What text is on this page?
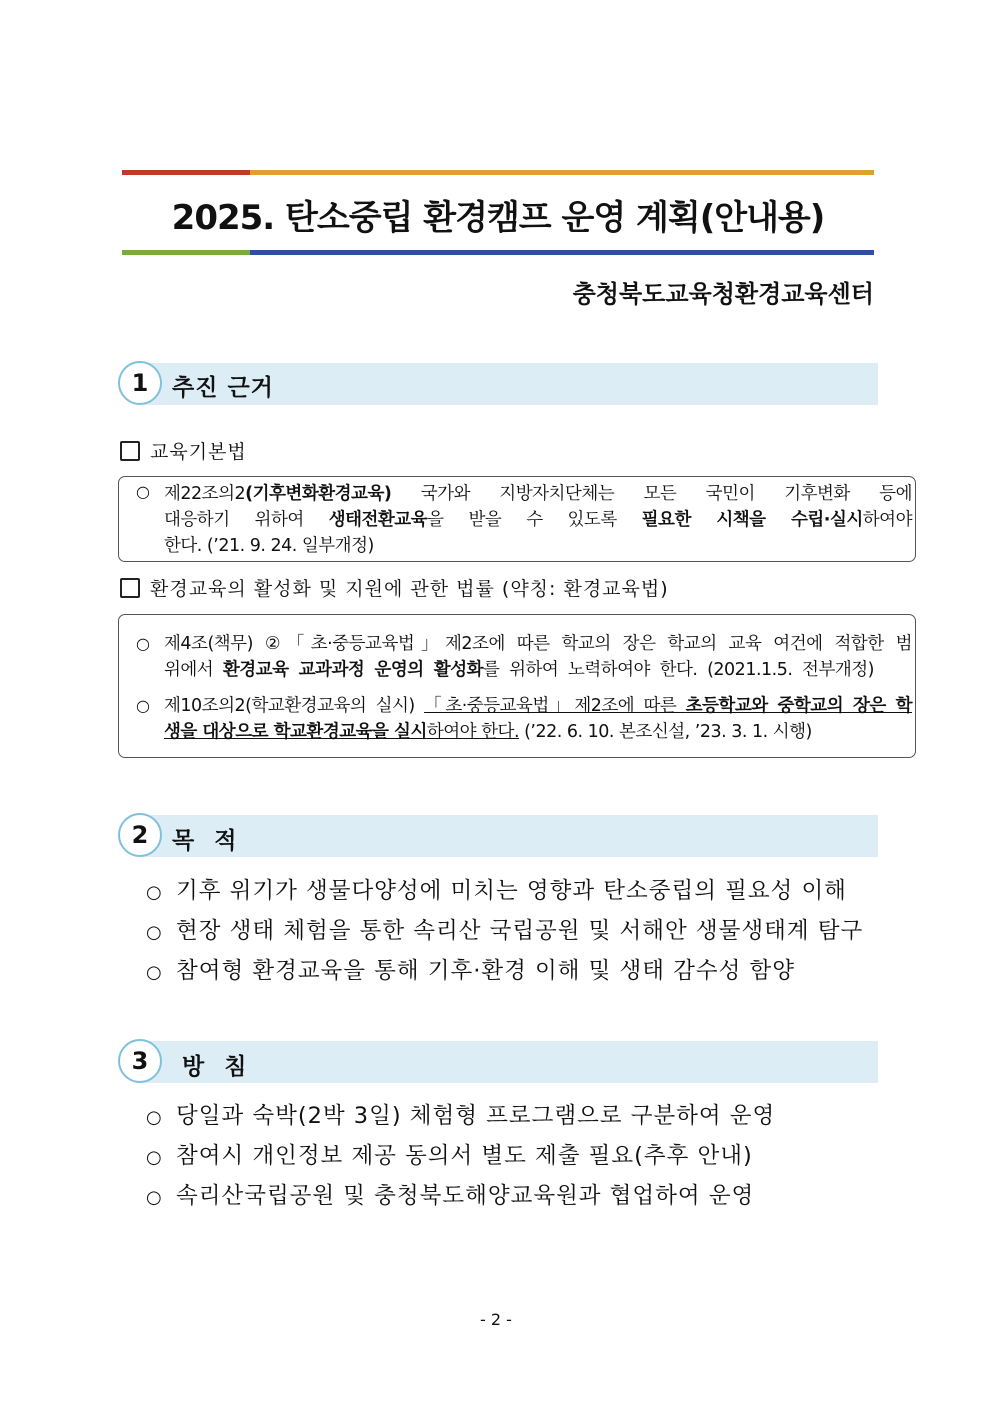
2025. 탄소중립 환경캠프 운영 계획(안내용)
충청북도교육청환경교육센터
1	추진 근거
교육기본법
○ 제22조의2(기후변화환경교육) 국가와 지방자치단체는 모든 국민이 기후변화 등에
대응하기 위하여 생태전환교육을 받을 수 있도록 필요한 시책을 수립·실시하여야
한다. (’21. 9. 24. 일부개정)
환경교육의 활성화 및 지원에 관한 법률 (약칭: 환경교육법)
○ 제4조(책무) ②「초·중등교육법」제2조에 따른 학교의 장은 학교의 교육 여건에 적합한 범
위에서 환경교육 교과과정 운영의 활성화를 위하여 노력하여야 한다. (2021.1.5. 전부개정)
○ 제10조의2(학교환경교육의 실시) 「초·중등교육법」제2조에 따른 초등학교와 중학교의 장은 학
생을 대상으로 학교환경교육을 실시하여야 한다. (’22. 6. 10. 본조신설, ’23. 3. 1. 시행)
2	목 적
○ 기후 위기가 생물다양성에 미치는 영향과 탄소중립의 필요성 이해
○ 현장 생태 체험을 통한 속리산 국립공원 및 서해안 생물생태계 탐구
○ 참여형 환경교육을 통해 기후·환경 이해 및 생태 감수성 함양
3	방 침
○ 당일과 숙박(2박 3일) 체험형 프로그램으로 구분하여 운영
○ 참여시 개인정보 제공 동의서 별도 제출 필요(추후 안내)
○ 속리산국립공원 및 충청북도해양교육원과 협업하여 운영
- 2 -
